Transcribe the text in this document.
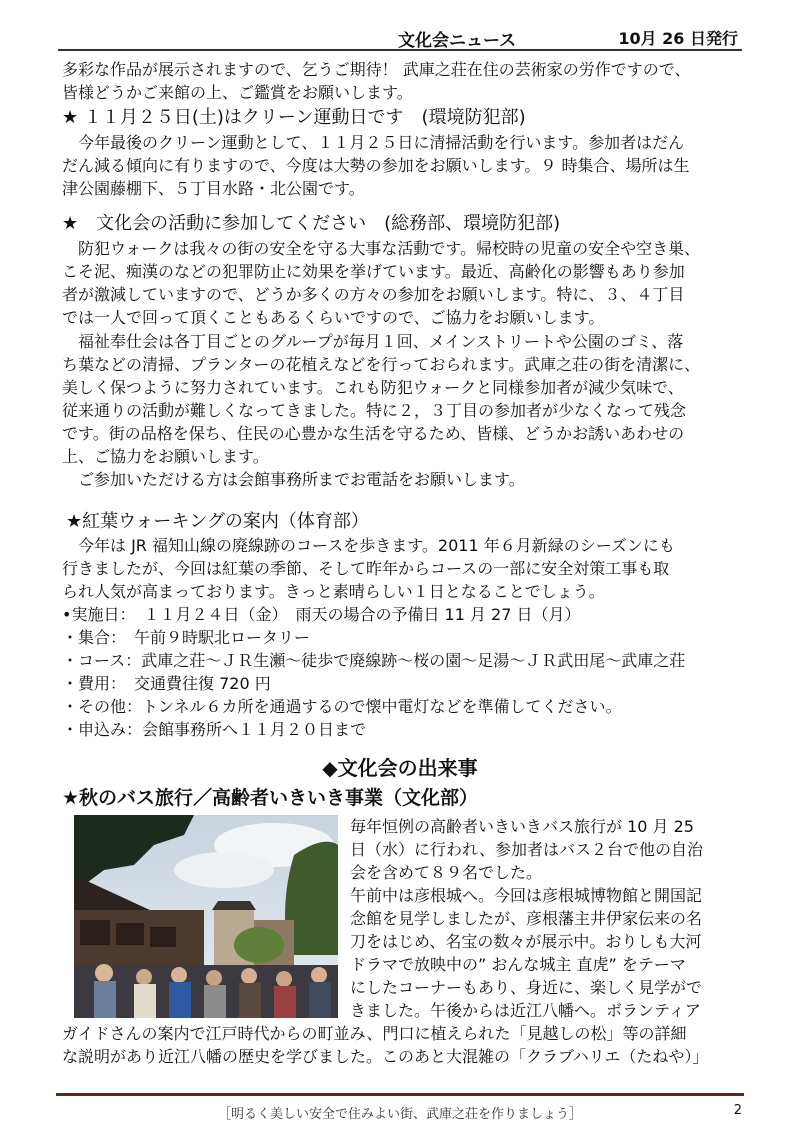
文化会ニュース	10月 26 日発行

多彩な作品が展示されますので、乞うご期待！ 武庫之荘在住の芸術家の労作ですので、

皆様どうかご来館の上、ご鑑賞をお願いします。

★ １１月２５日(土)はクリーン運動日です　(環境防犯部)

　今年最後のクリーン運動として、１１月２５日に清掃活動を行います。参加者はだん

だん減る傾向に有りますので、今度は大勢の参加をお願いします。９ 時集合、場所は生

津公園藤棚下、５丁目水路・北公園です。

★　文化会の活動に参加してください　(総務部、環境防犯部)

　防犯ウォークは我々の街の安全を守る大事な活動です。帰校時の児童の安全や空き巣、

こそ泥、痴漢のなどの犯罪防止に効果を挙げています。最近、高齢化の影響もあり参加

者が激減していますので、どうか多くの方々の参加をお願いします。特に、３、４丁目

では一人で回って頂くこともあるくらいですので、ご協力をお願いします。

　福祉奉仕会は各丁目ごとのグループが毎月１回、メインストリートや公園のゴミ、落

ち葉などの清掃、プランターの花植えなどを行っておられます。武庫之荘の街を清潔に、

美しく保つように努力されています。これも防犯ウォークと同様参加者が減少気味で、

従来通りの活動が難しくなってきました。特に２，３丁目の参加者が少なくなって残念

です。街の品格を保ち、住民の心豊かな生活を守るため、皆様、どうかお誘いあわせの

上、ご協力をお願いします。

　ご参加いただける方は会館事務所までお電話をお願いします。

★紅葉ウォーキングの案内（体育部）

　今年は JR 福知山線の廃線跡のコースを歩きます。2011 年６月新緑のシーズンにも

行きましたが、今回は紅葉の季節、そして昨年からコースの一部に安全対策工事も取

られ人気が高まっております。きっと素晴らしい１日となることでしょう。

•実施日：　１１月２４日（金）　雨天の場合の予備日 11 月 27 日（月）

・集合：　午前９時駅北ロータリー

・コース：武庫之荘～ＪＲ生瀬～徒歩で廃線跡～桜の園～足湯～ＪＲ武田尾～武庫之荘

・費用：　交通費往復 720 円

・その他：トンネル６カ所を通過するので懐中電灯などを準備してください。

・申込み：会館事務所へ１１月２０日まで

◆文化会の出来事
★秋のバス旅行／高齢者いきいき事業（文化部）

毎年恒例の高齢者いきいきバス旅行が 10 月 25

日（水）に行われ、参加者はバス２台で他の自治

会を含めて８９名でした。

午前中は彦根城へ。今回は彦根城博物館と開国記

念館を見学しましたが、彦根藩主井伊家伝来の名

刀をはじめ、名宝の数々が展示中。おりしも大河

ドラマで放映中の” おんな城主 直虎” をテーマ

にしたコーナーもあり、身近に、楽しく見学がで

きました。午後からは近江八幡へ。ボランティア

ガイドさんの案内で江戸時代からの町並み、門口に植えられた「見越しの松」等の詳細

な説明があり近江八幡の歴史を学びました。このあと大混雑の「クラブハリエ（たねや）」

［明るく美しい安全で住みよい街、武庫之荘を作りましょう］	2
